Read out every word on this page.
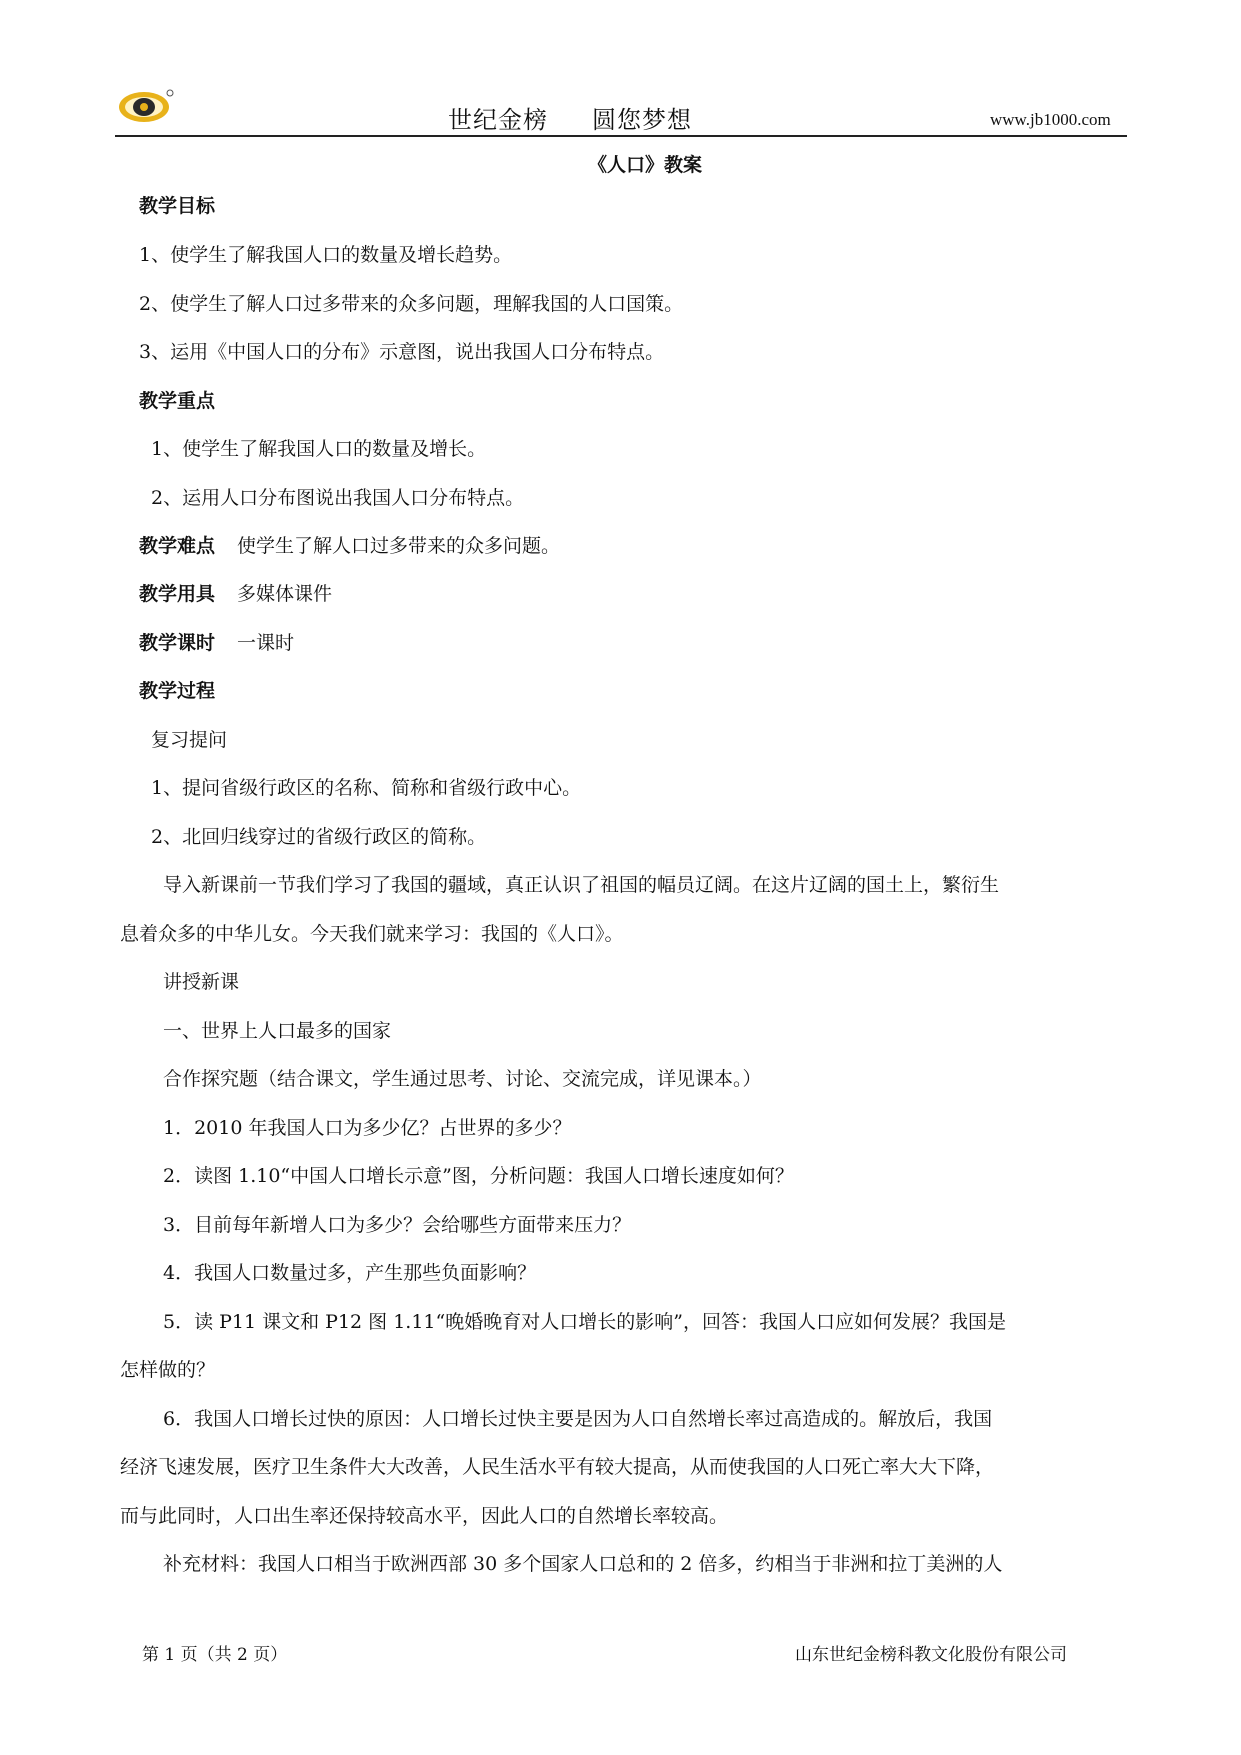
世纪金榜 圆您梦想	www.jb1000.com
《人口》教案
教学目标
1、使学生了解我国人口的数量及增长趋势。
2、使学生了解人口过多带来的众多问题，理解我国的人口国策。
3、运用《中国人口的分布》示意图，说出我国人口分布特点。
教学重点
1、使学生了解我国人口的数量及增长。
2、运用人口分布图说出我国人口分布特点。
教学难点 使学生了解人口过多带来的众多问题。
教学用具 多媒体课件
教学课时 一课时
教学过程
复习提问
1、提问省级行政区的名称、简称和省级行政中心。
2、北回归线穿过的省级行政区的简称。
导入新课前一节我们学习了我国的疆域，真正认识了祖国的幅员辽阔。在这片辽阔的国土上，繁衍生
息着众多的中华儿女。今天我们就来学习：我国的《人口》。
讲授新课
一、世界上人口最多的国家
合作探究题（结合课文，学生通过思考、讨论、交流完成，详见课本。）
1．2010 年我国人口为多少亿？占世界的多少？
2．读图 1.10“中国人口增长示意”图，分析问题：我国人口增长速度如何？
3．目前每年新增人口为多少？会给哪些方面带来压力？
4．我国人口数量过多，产生那些负面影响？
5．读 P11 课文和 P12 图 1.11“晚婚晚育对人口增长的影响”，回答：我国人口应如何发展？我国是
怎样做的？
6．我国人口增长过快的原因：人口增长过快主要是因为人口自然增长率过高造成的。解放后，我国
经济飞速发展，医疗卫生条件大大改善，人民生活水平有较大提高，从而使我国的人口死亡率大大下降，
而与此同时，人口出生率还保持较高水平，因此人口的自然增长率较高。
补充材料：我国人口相当于欧洲西部 30 多个国家人口总和的 2 倍多，约相当于非洲和拉丁美洲的人
第 1 页（共 2 页）	山东世纪金榜科教文化股份有限公司
